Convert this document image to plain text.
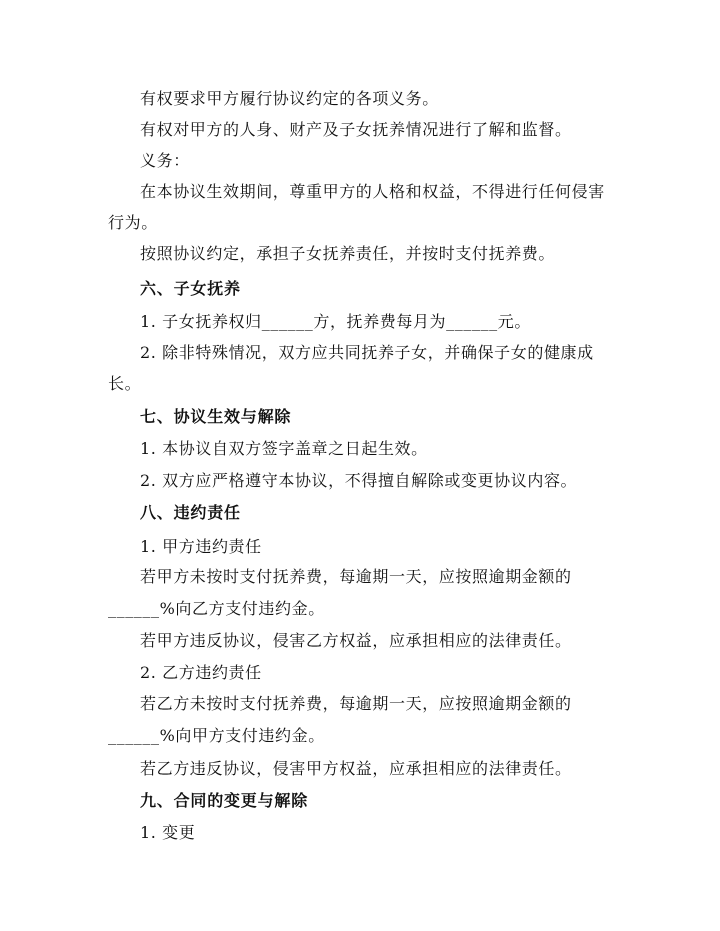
有权要求甲方履行协议约定的各项义务。
有权对甲方的人身、财产及子女抚养情况进行了解和监督。
义务：
在本协议生效期间，尊重甲方的人格和权益，不得进行任何侵害
行为。
按照协议约定，承担子女抚养责任，并按时支付抚养费。
六、子女抚养
1. 子女抚养权归______方，抚养费每月为______元。
2. 除非特殊情况，双方应共同抚养子女，并确保子女的健康成
长。
七、协议生效与解除
1. 本协议自双方签字盖章之日起生效。
2. 双方应严格遵守本协议，不得擅自解除或变更协议内容。
八、违约责任
1. 甲方违约责任
若甲方未按时支付抚养费，每逾期一天，应按照逾期金额的
______%向乙方支付违约金。
若甲方违反协议，侵害乙方权益，应承担相应的法律责任。
2. 乙方违约责任
若乙方未按时支付抚养费，每逾期一天，应按照逾期金额的
______%向甲方支付违约金。
若乙方违反协议，侵害甲方权益，应承担相应的法律责任。
九、合同的变更与解除
1. 变更
